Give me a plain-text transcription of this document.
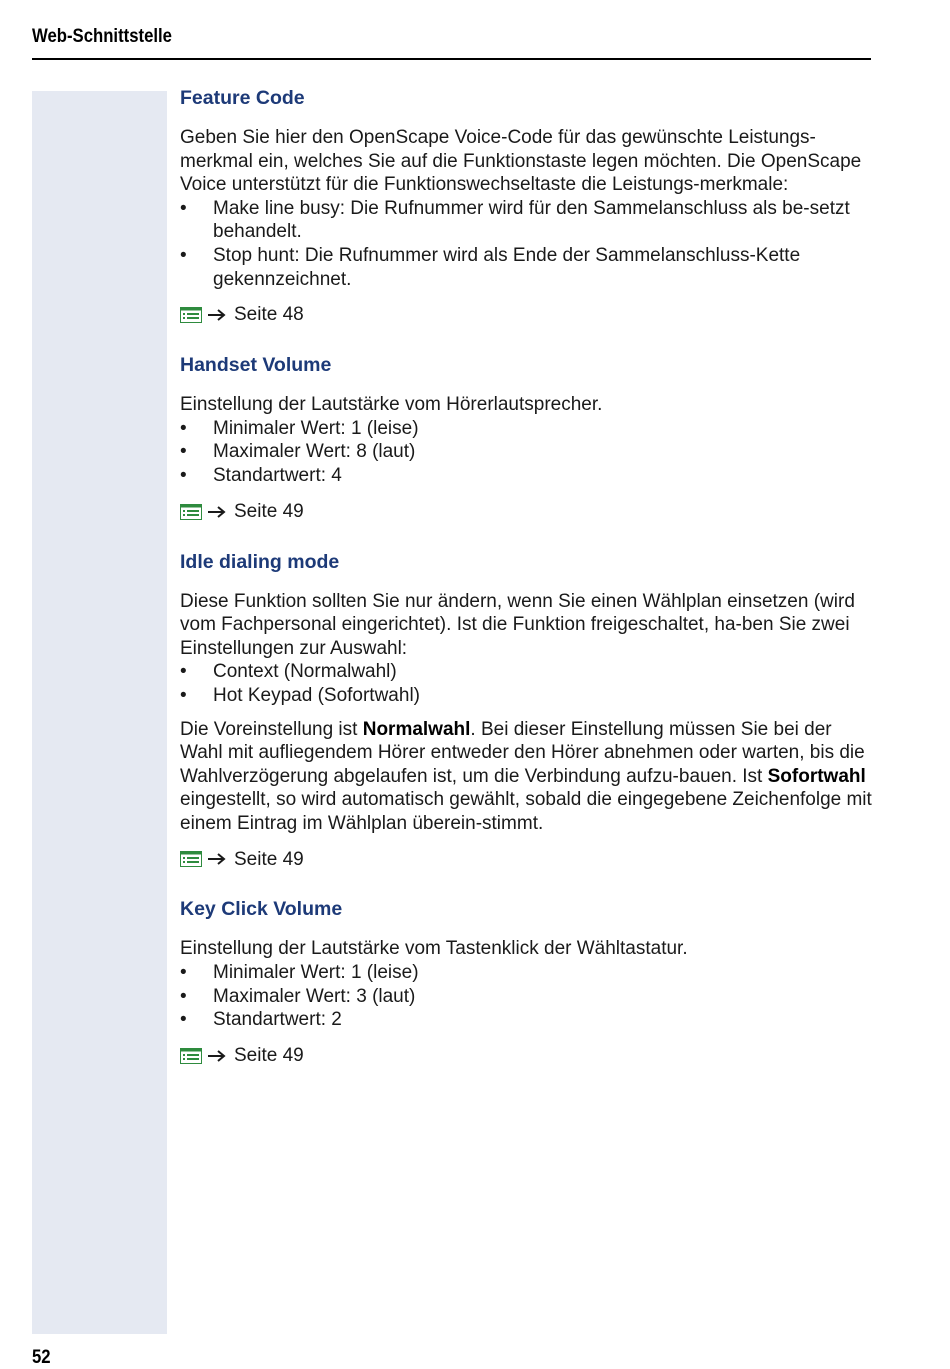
Web-Schnittstelle
Feature Code

Geben Sie hier den OpenScape Voice-Code für das gewünschte Leistungs-merkmal ein, welches Sie auf die Funktionstaste legen möchten. Die OpenScape Voice unterstützt für die Funktionswechseltaste die Leistungs-merkmale:

• Make line busy: Die Rufnummer wird für den Sammelanschluss als be-setzt behandelt.
• Stop hunt: Die Rufnummer wird als Ende der Sammelanschluss-Kette gekennzeichnet.
Seite 48
Handset Volume

Einstellung der Lautstärke vom Hörerlautsprecher.

• Minimaler Wert: 1 (leise)
• Maximaler Wert: 8 (laut)
• Standartwert: 4
Seite 49
Idle dialing mode

Diese Funktion sollten Sie nur ändern, wenn Sie einen Wählplan einsetzen (wird vom Fachpersonal eingerichtet). Ist die Funktion freigeschaltet, ha-ben Sie zwei Einstellungen zur Auswahl:

• Context (Normalwahl)
• Hot Keypad (Sofortwahl)

Die Voreinstellung ist Normalwahl. Bei dieser Einstellung müssen Sie bei der Wahl mit aufliegendem Hörer entweder den Hörer abnehmen oder warten, bis die Wahlverzögerung abgelaufen ist, um die Verbindung aufzu-bauen. Ist Sofortwahl eingestellt, so wird automatisch gewählt, sobald die eingegebene Zeichenfolge mit einem Eintrag im Wählplan überein-stimmt.

Seite 49
Key Click Volume

Einstellung der Lautstärke vom Tastenklick der Wähltastatur.

• Minimaler Wert: 1 (leise)
• Maximaler Wert: 3 (laut)
• Standartwert: 2
Seite 49
52
